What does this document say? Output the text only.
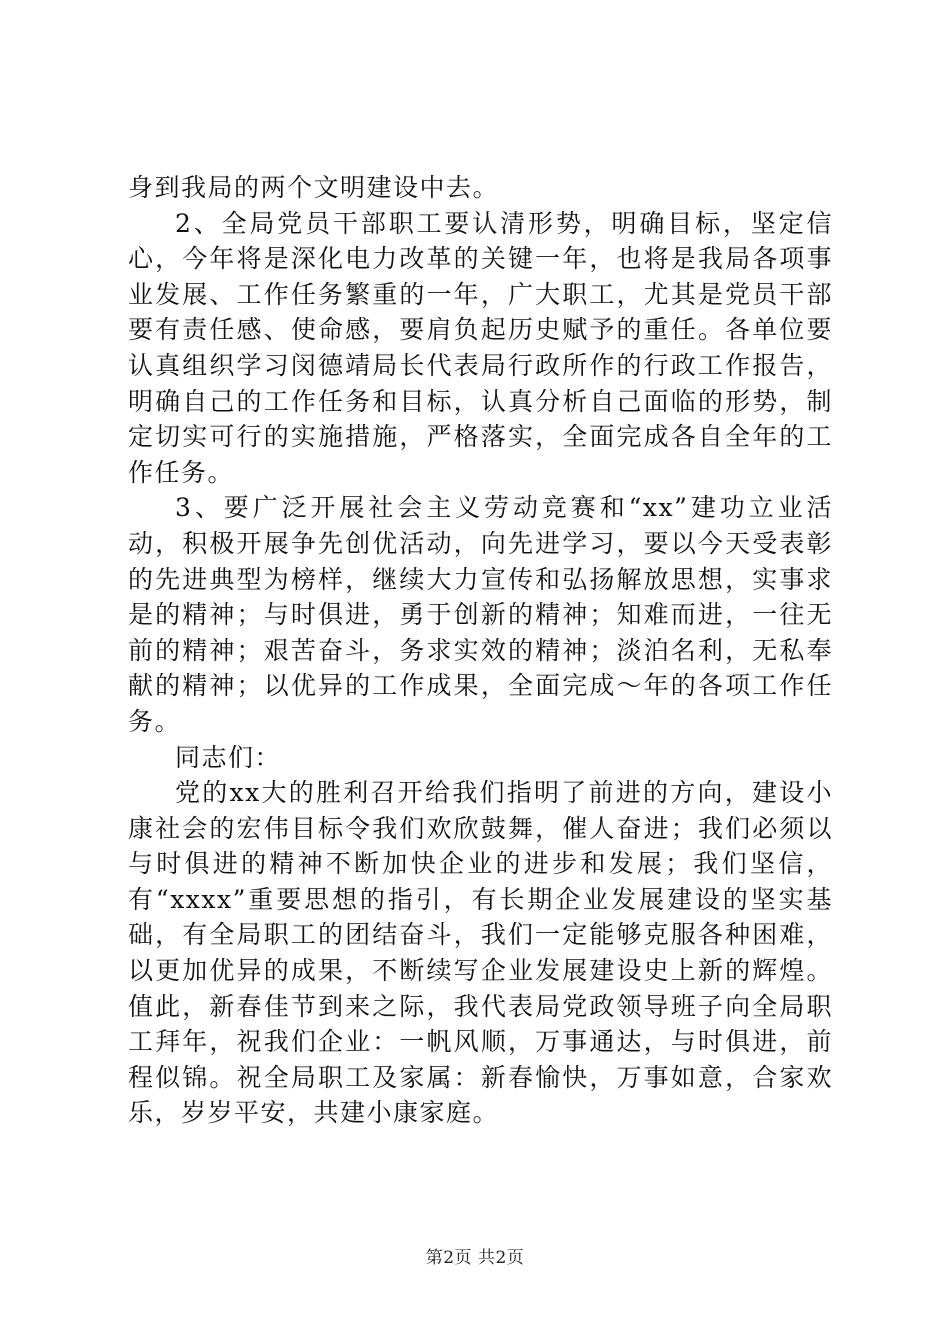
身到我局的两个文明建设中去。

2、全局党员干部职工要认清形势，明确目标，坚定信心，今年将是深化电力改革的关键一年，也将是我局各项事业发展、工作任务繁重的一年，广大职工，尤其是党员干部要有责任感、使命感，要肩负起历史赋予的重任。各单位要认真组织学习闵德靖局长代表局行政所作的行政工作报告，明确自己的工作任务和目标，认真分析自己面临的形势，制定切实可行的实施措施，严格落实，全面完成各自全年的工作任务。

3、要广泛开展社会主义劳动竞赛和“xx”建功立业活动，积极开展争先创优活动，向先进学习，要以今天受表彰的先进典型为榜样，继续大力宣传和弘扬解放思想，实事求是的精神；与时俱进，勇于创新的精神；知难而进，一往无前的精神；艰苦奋斗，务求实效的精神；淡泊名利，无私奉献的精神；以优异的工作成果，全面完成～年的各项工作任务。

同志们：

党的xx大的胜利召开给我们指明了前进的方向，建设小康社会的宏伟目标令我们欢欣鼓舞，催人奋进；我们必须以与时俱进的精神不断加快企业的进步和发展；我们坚信，有“xxxx”重要思想的指引，有长期企业发展建设的坚实基础，有全局职工的团结奋斗，我们一定能够克服各种困难，以更加优异的成果，不断续写企业发展建设史上新的辉煌。值此，新春佳节到来之际，我代表局党政领导班子向全局职工拜年，祝我们企业：一帆风顺，万事通达，与时俱进，前程似锦。祝全局职工及家属：新春愉快，万事如意，合家欢乐，岁岁平安，共建小康家庭。

第2页 共2页
